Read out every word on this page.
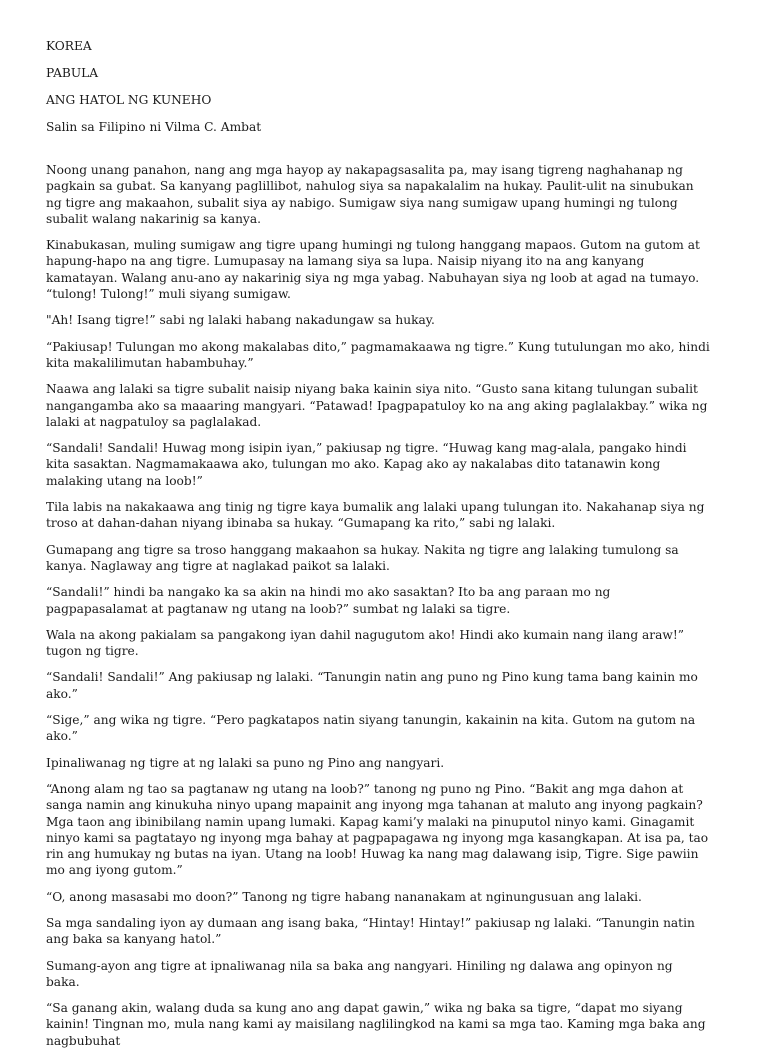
KOREA
PABULA
ANG HATOL NG KUNEHO
Salin sa Filipino ni Vilma C. Ambat

Noong unang panahon, nang ang mga hayop ay nakapagsasalita pa, may isang tigreng naghahanap ng pagkain sa gubat. Sa kanyang paglillibot, nahulog siya sa napakalalim na hukay. Paulit-ulit na sinubukan ng tigre ang makaahon, subalit siya ay nabigo. Sumigaw siya nang sumigaw upang humingi ng tulong subalit walang nakarinig sa kanya.

Kinabukasan, muling sumigaw ang tigre upang humingi ng tulong hanggang mapaos. Gutom na gutom at hapung-hapo na ang tigre. Lumupasay na lamang siya sa lupa. Naisip niyang ito na ang kanyang kamatayan. Walang anu-ano ay nakarinig siya ng mga yabag. Nabuhayan siya ng loob at agad na tumayo. “tulong! Tulong!” muli siyang sumigaw.

"Ah! Isang tigre!” sabi ng lalaki habang nakadungaw sa hukay.

“Pakiusap! Tulungan mo akong makalabas dito,” pagmamakaawa ng tigre.” Kung tutulungan mo ako, hindi kita makalilimutan habambuhay.”

Naawa ang lalaki sa tigre subalit naisip niyang baka kainin siya nito. “Gusto sana kitang tulungan subalit nangangamba ako sa maaaring mangyari. “Patawad! Ipagpapatuloy ko na ang aking paglalakbay.” wika ng lalaki at nagpatuloy sa paglalakad.

“Sandali! Sandali! Huwag mong isipin iyan,” pakiusap ng tigre. “Huwag kang mag-alala, pangako hindi kita sasaktan. Nagmamakaawa ako, tulungan mo ako. Kapag ako ay nakalabas dito tatanawin kong malaking utang na loob!”

Tila labis na nakakaawa ang tinig ng tigre kaya bumalik ang lalaki upang tulungan ito. Nakahanap siya ng troso at dahan-dahan niyang ibinaba sa hukay. “Gumapang ka rito,” sabi ng lalaki.

Gumapang ang tigre sa troso hanggang makaahon sa hukay. Nakita ng tigre ang lalaking tumulong sa kanya. Naglaway ang tigre at naglakad paikot sa lalaki.

“Sandali!” hindi ba nangako ka sa akin na hindi mo ako sasaktan? Ito ba ang paraan mo ng pagpapasalamat at pagtanaw ng utang na loob?” sumbat ng lalaki sa tigre.

Wala na akong pakialam sa pangakong iyan dahil nagugutom ako! Hindi ako kumain nang ilang araw!” tugon ng tigre.

“Sandali! Sandali!” Ang pakiusap ng lalaki. “Tanungin natin ang puno ng Pino kung tama bang kainin mo ako.”

“Sige,” ang wika ng tigre. “Pero pagkatapos natin siyang tanungin, kakainin na kita. Gutom na gutom na ako.”

Ipinaliwanag ng tigre at ng lalaki sa puno ng Pino ang nangyari.

“Anong alam ng tao sa pagtanaw ng utang na loob?” tanong ng puno ng Pino. “Bakit ang mga dahon at sanga namin ang kinukuha ninyo upang mapainit ang inyong mga tahanan at maluto ang inyong pagkain? Mga taon ang ibinibilang namin upang lumaki. Kapag kami’y malaki na pinuputol ninyo kami. Ginagamit ninyo kami sa pagtatayo ng inyong mga bahay at pagpapagawa ng inyong mga kasangkapan. At isa pa, tao rin ang humukay ng butas na iyan. Utang na loob! Huwag ka nang mag dalawang isip, Tigre. Sige pawiin mo ang iyong gutom.”

“O, anong masasabi mo doon?” Tanong ng tigre habang nananakam at nginungusuan ang lalaki.

Sa mga sandaling iyon ay dumaan ang isang baka, “Hintay! Hintay!” pakiusap ng lalaki. “Tanungin natin ang baka sa kanyang hatol.”

Sumang-ayon ang tigre at ipnaliwanag nila sa baka ang nangyari. Hiniling ng dalawa ang opinyon ng baka.

“Sa ganang akin, walang duda sa kung ano ang dapat gawin,” wika ng baka sa tigre, “dapat mo siyang kainin! Tingnan mo, mula nang kami ay maisilang naglilingkod na kami sa mga tao. Kaming mga baka ang nagbubuhat
